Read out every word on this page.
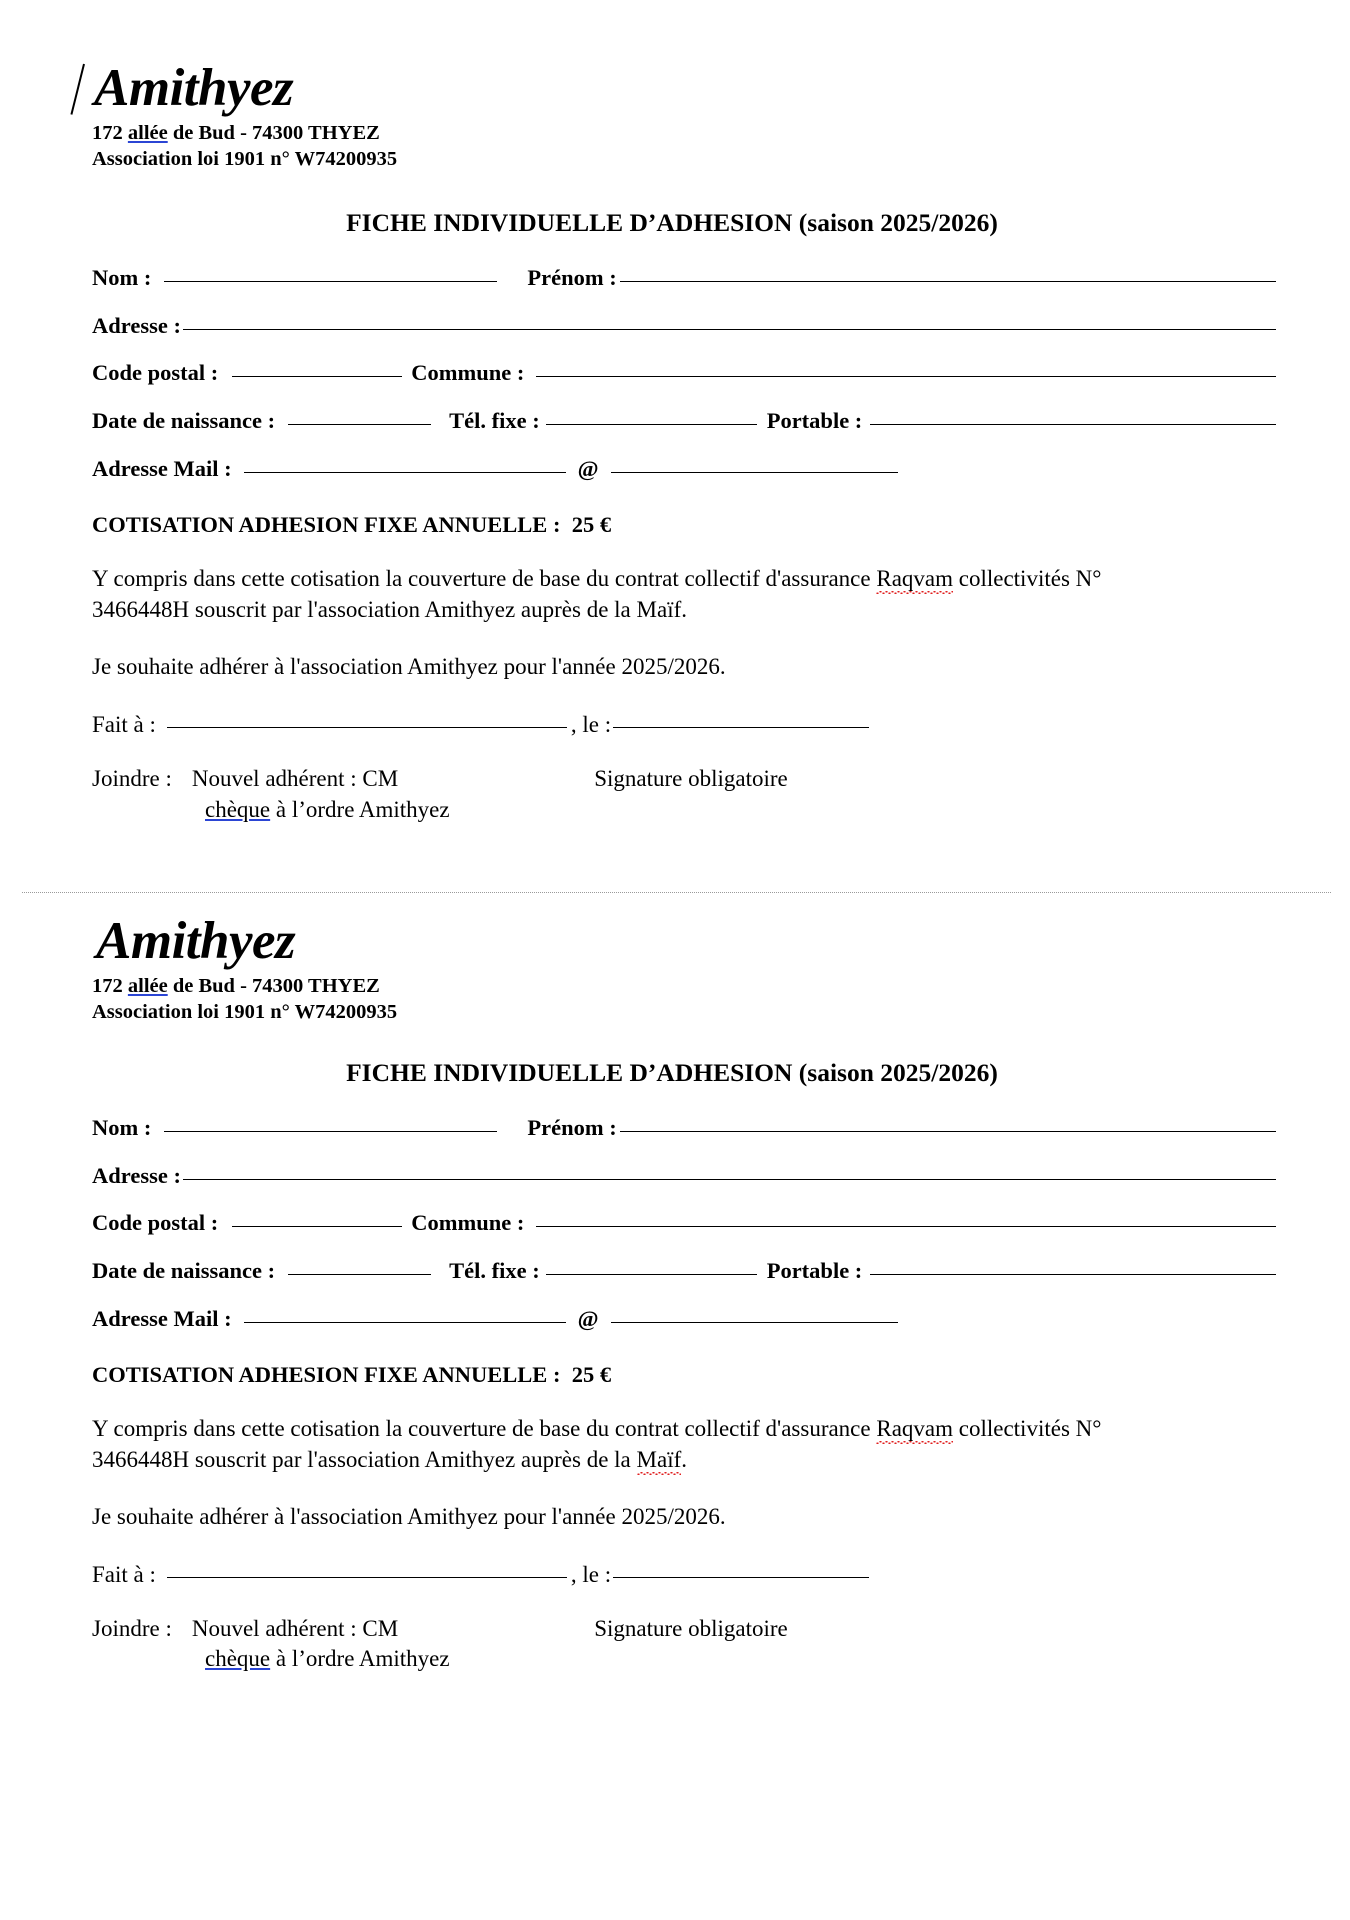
Amithyez
172 allée de Bud - 74300 THYEZ
Association loi 1901 n° W74200935
FICHE INDIVIDUELLE D’ADHESION (saison 2025/2026)
Nom :	Prénom :
Adresse :
Code postal :	Commune :
Date de naissance :	Tél. fixe :	Portable :
Adresse Mail :	@

COTISATION ADHESION FIXE ANNUELLE : 25 €

Y compris dans cette cotisation la couverture de base du contrat collectif d'assurance Raqvam collectivités N° 3466448H souscrit par l'association Amithyez auprès de la Maïf.

Je souhaite adhérer à l'association Amithyez pour l'année 2025/2026.

Fait à :	, le :
Joindre : Nouvel adhérent : CM	Signature obligatoire
chèque à l’ordre Amithyez
Amithyez
172 allée de Bud - 74300 THYEZ
Association loi 1901 n° W74200935
FICHE INDIVIDUELLE D’ADHESION (saison 2025/2026)
Nom :	Prénom :
Adresse :
Code postal :	Commune :
Date de naissance :	Tél. fixe :	Portable :
Adresse Mail :	@

COTISATION ADHESION FIXE ANNUELLE : 25 €

Y compris dans cette cotisation la couverture de base du contrat collectif d'assurance Raqvam collectivités N° 3466448H souscrit par l'association Amithyez auprès de la Maïf.

Je souhaite adhérer à l'association Amithyez pour l'année 2025/2026.

Fait à :	, le :
Joindre : Nouvel adhérent : CM	Signature obligatoire
chèque à l’ordre Amithyez
